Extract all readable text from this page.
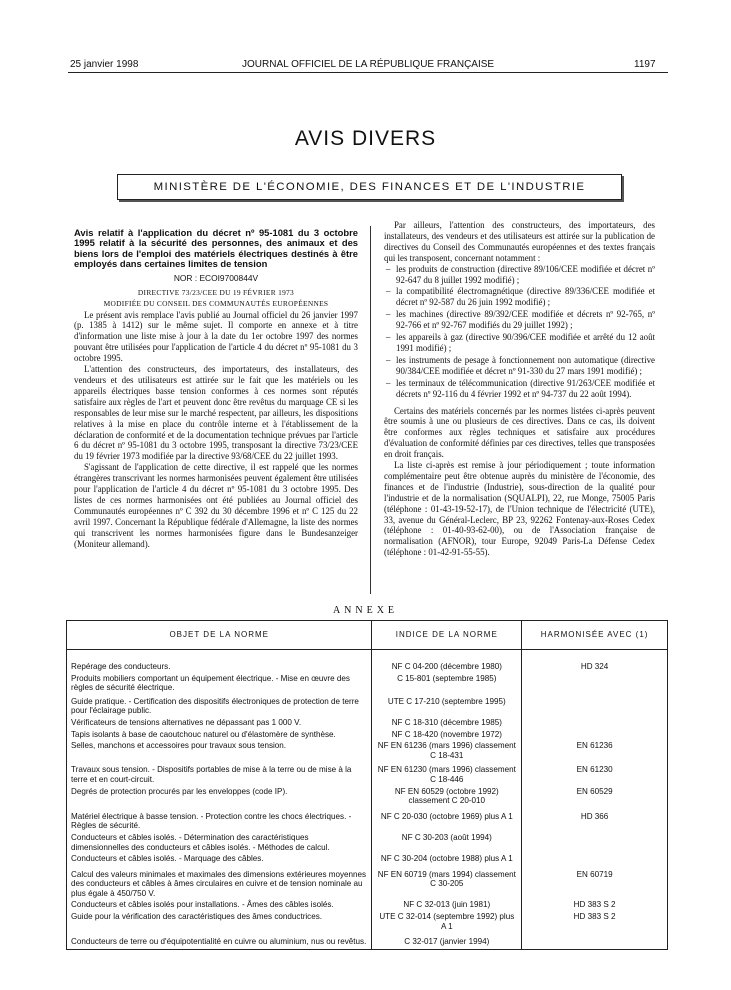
25 janvier 1998	JOURNAL OFFICIEL DE LA RÉPUBLIQUE FRANÇAISE	1197
AVIS DIVERS
MINISTÈRE DE L'ÉCONOMIE, DES FINANCES ET DE L'INDUSTRIE

Avis relatif à l'application du décret nº 95-1081 du 3 octobre 1995 relatif à la sécurité des personnes, des animaux et des biens lors de l'emploi des matériels électriques destinés à être employés dans certaines limites de tension

NOR : ECOI9700844V
DIRECTIVE 73/23/CEE DU 19 FÉVRIER 1973
MODIFIÉE DU CONSEIL DES COMMUNAUTÉS EUROPÉENNES

Le présent avis remplace l'avis publié au Journal officiel du 26 janvier 1997 (p. 1385 à 1412) sur le même sujet. Il comporte en annexe et à titre d'information une liste mise à jour à la date du 1er octobre 1997 des normes pouvant être utilisées pour l'application de l'article 4 du décret nº 95-1081 du 3 octobre 1995.

L'attention des constructeurs, des importateurs, des installateurs, des vendeurs et des utilisateurs est attirée sur le fait que les matériels ou les appareils électriques basse tension conformes à ces normes sont réputés satisfaire aux règles de l'art et peuvent donc être revêtus du marquage CE si les responsables de leur mise sur le marché respectent, par ailleurs, les dispositions relatives à la mise en place du contrôle interne et à l'établissement de la déclaration de conformité et de la documentation technique prévues par l'article 6 du décret nº 95-1081 du 3 octobre 1995, transposant la directive 73/23/CEE du 19 février 1973 modifiée par la directive 93/68/CEE du 22 juillet 1993.

S'agissant de l'application de cette directive, il est rappelé que les normes étrangères transcrivant les normes harmonisées peuvent également être utilisées pour l'application de l'article 4 du décret nº 95-1081 du 3 octobre 1995. Des listes de ces normes harmonisées ont été publiées au Journal officiel des Communautés européennes nº C 392 du 30 décembre 1996 et nº C 125 du 22 avril 1997. Concernant la République fédérale d'Allemagne, la liste des normes qui transcrivent les normes harmonisées figure dans le Bundesanzeiger (Moniteur allemand).

Par ailleurs, l'attention des constructeurs, des importateurs, des installateurs, des vendeurs et des utilisateurs est attirée sur la publication de directives du Conseil des Communautés européennes et des textes français qui les transposent, concernant notamment :

– les produits de construction (directive 89/106/CEE modifiée et décret nº 92-647 du 8 juillet 1992 modifié) ;
– la compatibilité électromagnétique (directive 89/336/CEE modifiée et décret nº 92-587 du 26 juin 1992 modifié) ;
– les machines (directive 89/392/CEE modifiée et décrets nº 92-765, nº 92-766 et nº 92-767 modifiés du 29 juillet 1992) ;
– les appareils à gaz (directive 90/396/CEE modifiée et arrêté du 12 août 1991 modifié) ;
– les instruments de pesage à fonctionnement non automatique (directive 90/384/CEE modifiée et décret nº 91-330 du 27 mars 1991 modifié) ;
– les terminaux de télécommunication (directive 91/263/CEE modifiée et décrets nº 92-116 du 4 février 1992 et nº 94-737 du 22 août 1994).

Certains des matériels concernés par les normes listées ci-après peuvent être soumis à une ou plusieurs de ces directives. Dans ce cas, ils doivent être conformes aux règles techniques et satisfaire aux procédures d'évaluation de conformité définies par ces directives, telles que transposées en droit français.

La liste ci-après est remise à jour périodiquement ; toute information complémentaire peut être obtenue auprès du ministère de l'économie, des finances et de l'industrie (Industrie), sous-direction de la qualité pour l'industrie et de la normalisation (SQUALPI), 22, rue Monge, 75005 Paris (téléphone : 01-43-19-52-17), de l'Union technique de l'électricité (UTE), 33, avenue du Général-Leclerc, BP 23, 92262 Fontenay-aux-Roses Cedex (téléphone : 01-40-93-62-00), ou de l'Association française de normalisation (AFNOR), tour Europe, 92049 Paris-La Défense Cedex (téléphone : 01-42-91-55-55).

ANNEXE
OBJET DE LA NORME	INDICE DE LA NORME	HARMONISÉE AVEC (1)

Repérage des conducteurs.	NF C 04-200 (décembre 1980)	HD 324
Produits mobiliers comportant un équipement électrique. - Mise en œuvre des règles de sécurité électrique.	C 15-801 (septembre 1985)	
Guide pratique. - Certification des dispositifs électroniques de protection de terre pour l'éclairage public.	UTE C 17-210 (septembre 1995)	
Vérificateurs de tensions alternatives ne dépassant pas 1 000 V.	NF C 18-310 (décembre 1985)	
Tapis isolants à base de caoutchouc naturel ou d'élastomère de synthèse.	NF C 18-420 (novembre 1972)	
Selles, manchons et accessoires pour travaux sous tension.	NF EN 61236 (mars 1996) classement C 18-431	EN 61236
Travaux sous tension. - Dispositifs portables de mise à la terre ou de mise à la terre et en court-circuit.	NF EN 61230 (mars 1996) classement C 18-446	EN 61230
Degrés de protection procurés par les enveloppes (code IP).	NF EN 60529 (octobre 1992) classement C 20-010	EN 60529
Matériel électrique à basse tension. - Protection contre les chocs électriques. - Règles de sécurité.	NF C 20-030 (octobre 1969) plus A 1	HD 366
Conducteurs et câbles isolés. - Détermination des caractéristiques dimensionnelles des conducteurs et câbles isolés. - Méthodes de calcul.	NF C 30-203 (août 1994)	
Conducteurs et câbles isolés. - Marquage des câbles.	NF C 30-204 (octobre 1988) plus A 1	
Calcul des valeurs minimales et maximales des dimensions extérieures moyennes des conducteurs et câbles à âmes circulaires en cuivre et de tension nominale au plus égale à 450/750 V.	NF EN 60719 (mars 1994) classement C 30-205	EN 60719
Conducteurs et câbles isolés pour installations. - Âmes des câbles isolés.	NF C 32-013 (juin 1981)	HD 383 S 2
Guide pour la vérification des caractéristiques des âmes conductrices.	UTE C 32-014 (septembre 1992) plus A 1	HD 383 S 2
Conducteurs de terre ou d'équipotentialité en cuivre ou aluminium, nus ou revêtus.	C 32-017 (janvier 1994)	
